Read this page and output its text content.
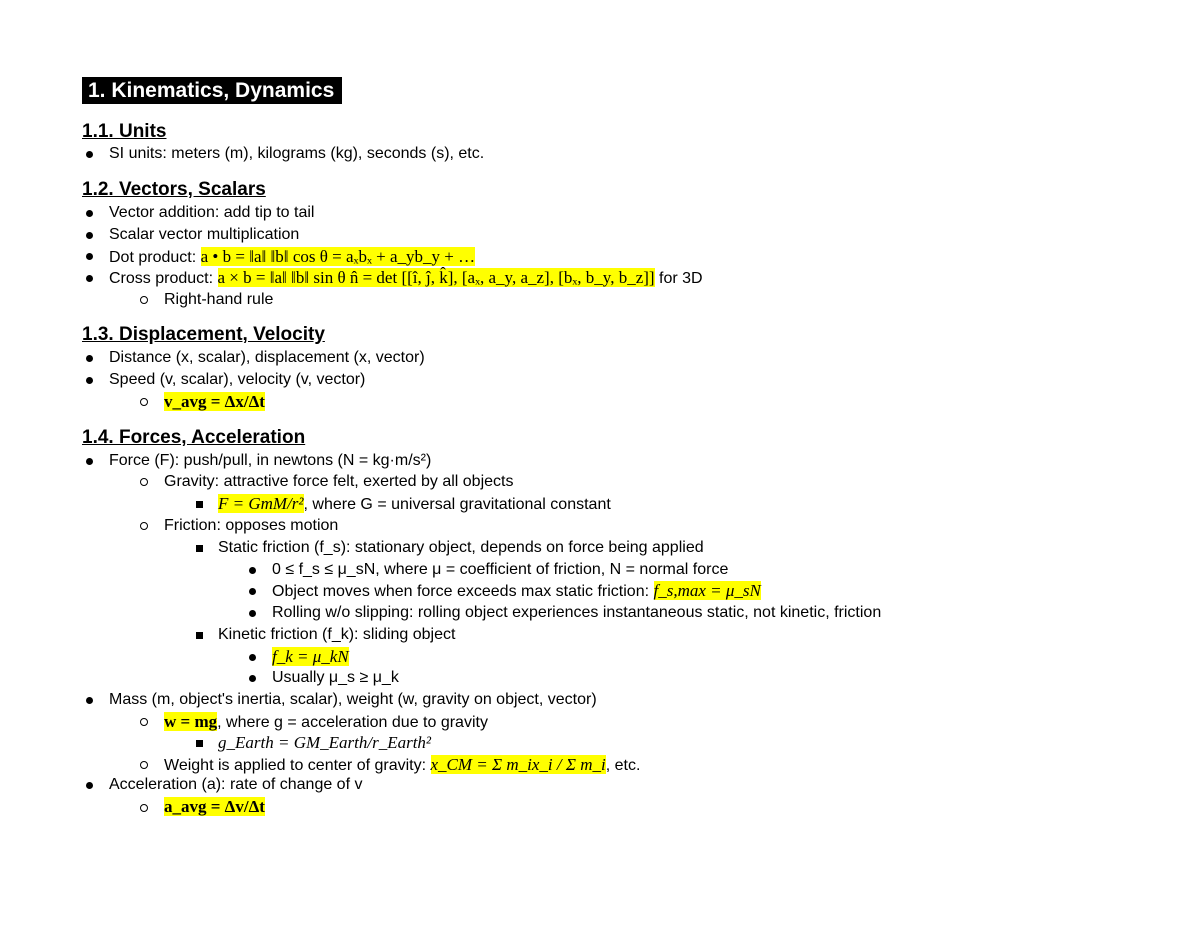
1. Kinematics, Dynamics
1.1. Units
SI units: meters (m), kilograms (kg), seconds (s), etc.
1.2. Vectors, Scalars
Vector addition: add tip to tail
Scalar vector multiplication
Dot product: a • b = ‖a‖ ‖b‖ cos θ = aₓbₓ + a_yb_y + …
Cross product: a × b = ‖a‖ ‖b‖ sin θ n̂ = det [[î, ĵ, k̂], [aₓ, a_y, a_z], [bₓ, b_y, b_z]] for 3D
Right-hand rule
1.3. Displacement, Velocity
Distance (x, scalar), displacement (x, vector)
Speed (v, scalar), velocity (v, vector)
v_avg = Δx/Δt
1.4. Forces, Acceleration
Force (F): push/pull, in newtons (N = kg·m/s²)
Gravity: attractive force felt, exerted by all objects
F = GmM/r², where G = universal gravitational constant
Friction: opposes motion
Static friction (f_s): stationary object, depends on force being applied
0 ≤ f_s ≤ μ_sN, where μ = coefficient of friction, N = normal force
Object moves when force exceeds max static friction: f_s,max = μ_sN
Rolling w/o slipping: rolling object experiences instantaneous static, not kinetic, friction
Kinetic friction (f_k): sliding object
f_k = μ_kN
Usually μ_s ≥ μ_k
Mass (m, object's inertia, scalar), weight (w, gravity on object, vector)
w = mg, where g = acceleration due to gravity
g_Earth = GM_Earth/r_Earth²
Weight is applied to center of gravity: x_CM = Σ m_ix_i / Σ m_i, etc.
Acceleration (a): rate of change of v
a_avg = Δv/Δt
